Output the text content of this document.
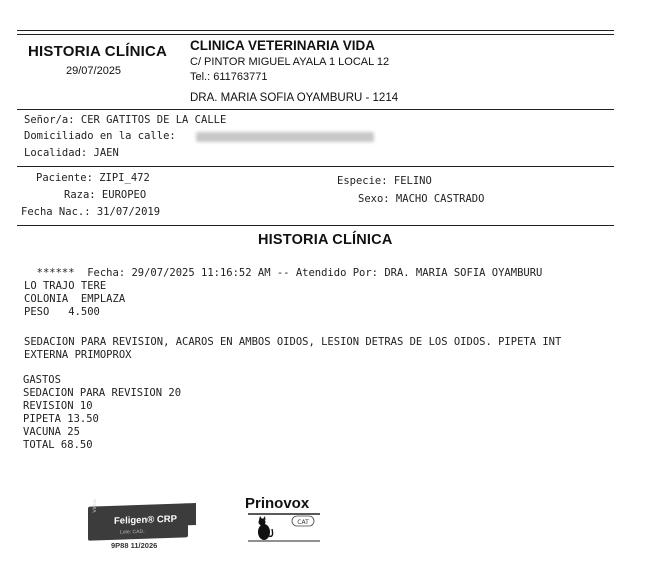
HISTORIA CLÍNICA
29/07/2025
CLINICA VETERINARIA VIDA
C/ PINTOR MIGUEL AYALA 1 LOCAL 12
Tel.: 611763771
DRA. MARIA SOFIA OYAMBURU - 1214
Señor/a: CER GATITOS DE LA CALLE
Domiciliado en la calle:
Localidad: JAEN
Paciente: ZIPI_472
Raza: EUROPEO
Fecha Nac.: 31/07/2019
Especie: FELINO
Sexo: MACHO CASTRADO
HISTORIA CLÍNICA
******  Fecha: 29/07/2025 11:16:52 AM -- Atendido Por: DRA. MARIA SOFIA OYAMBURU
LO TRAJO TERE
COLONIA  EMPLAZA
PESO   4.500
SEDACION PARA REVISION, ACAROS EN AMBOS OIDOS, LESION DETRAS DE LOS OIDOS. PIPETA INT
EXTERNA PRIMOPROX
GASTOS
SEDACION PARA REVISION 20
REVISION 10
PIPETA 13.50
VACUNA 25
TOTAL 68.50
Virbac
Feligen® CRP
Lote: CAD.:
9P88 11/2026
Prinovox
CAT
